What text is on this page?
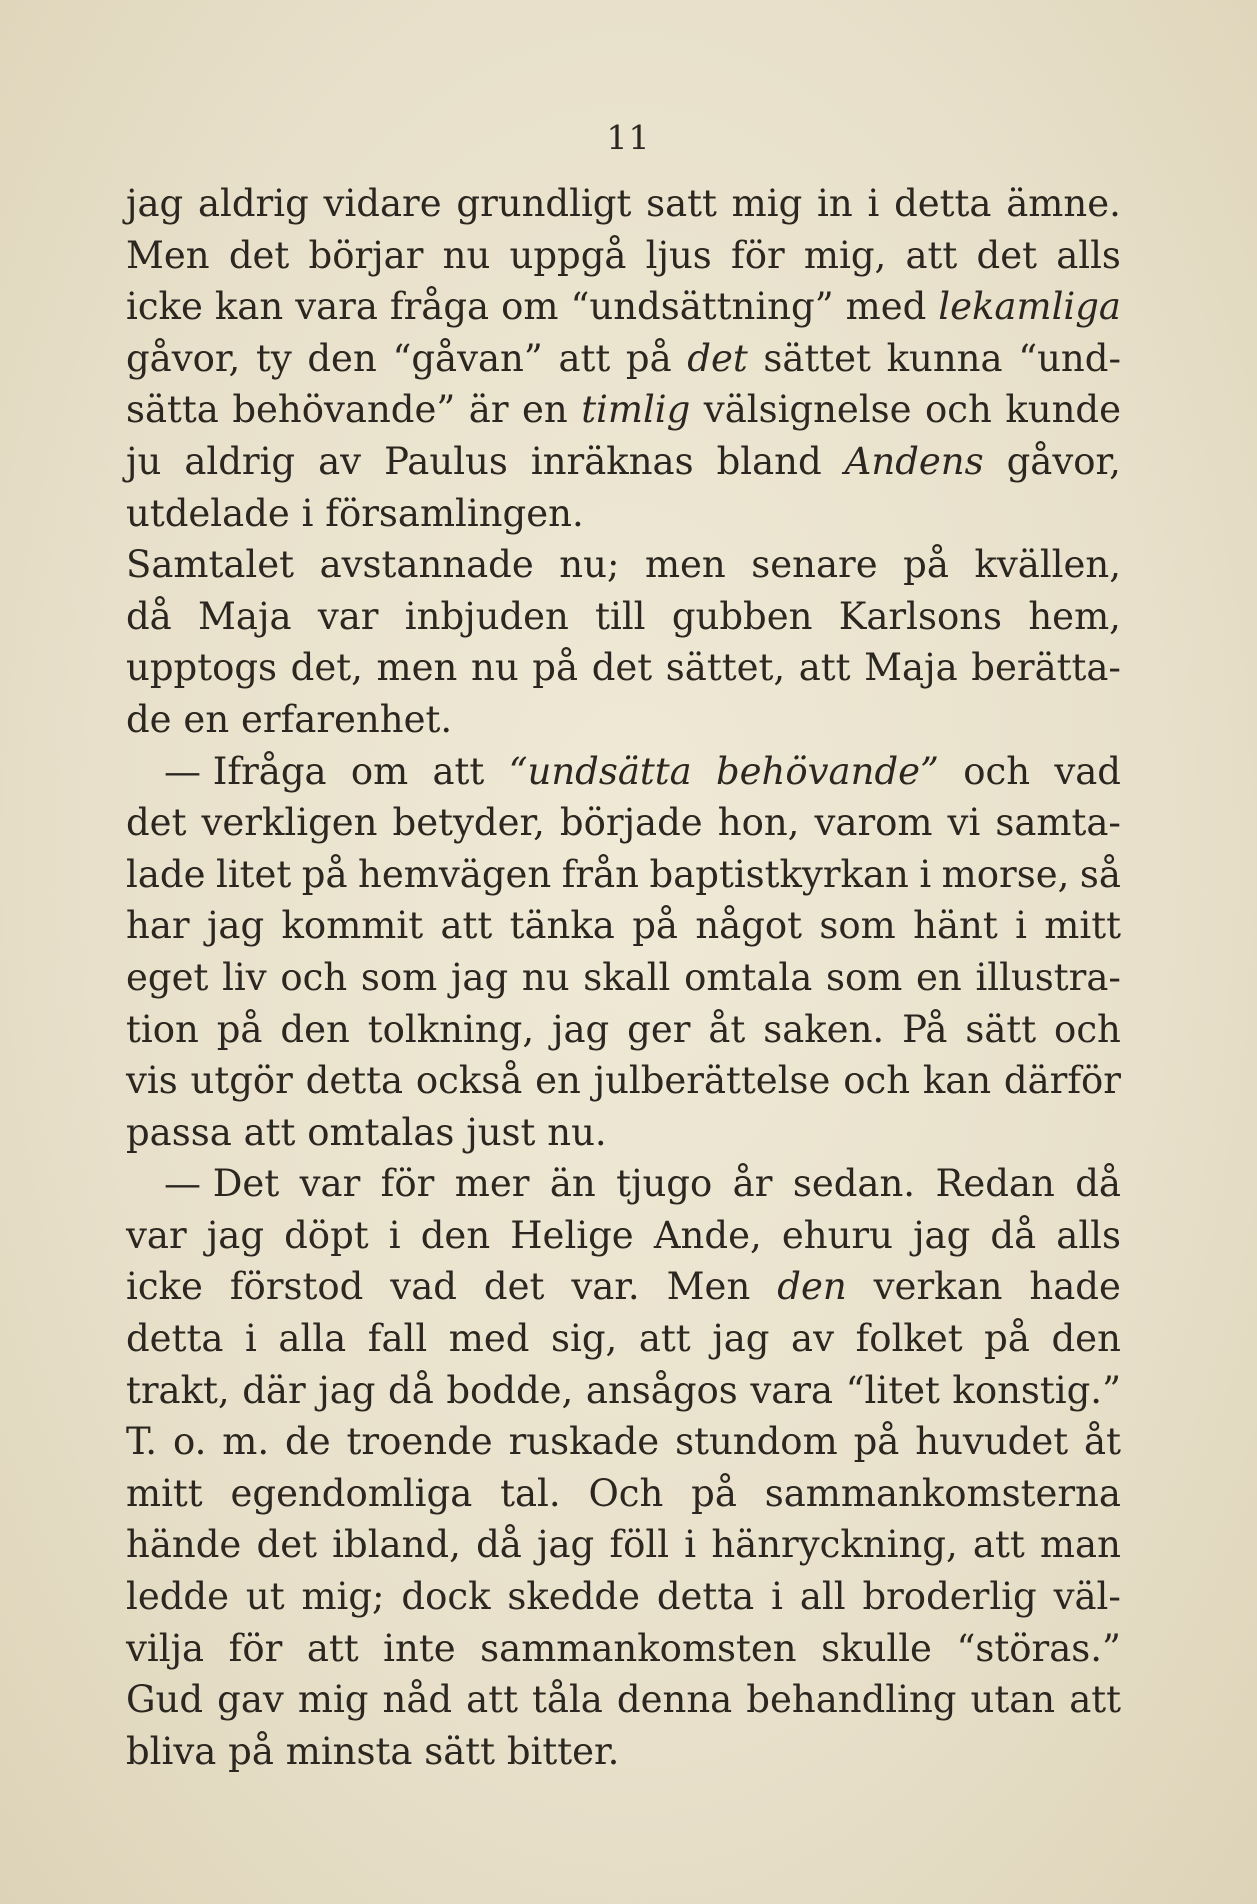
11
jag aldrig vidare grundligt satt mig in i detta ämne.
Men det börjar nu uppgå ljus för mig, att det alls
icke kan vara fråga om “undsättning” med lekamliga
gåvor, ty den “gåvan” att på det sättet kunna “und-
sätta behövande” är en timlig välsignelse och kunde
ju aldrig av Paulus inräknas bland Andens gåvor,
utdelade i församlingen.
Samtalet avstannade nu; men senare på kvällen,
då Maja var inbjuden till gubben Karlsons hem,
upptogs det, men nu på det sättet, att Maja berätta-
de en erfarenhet.
— Ifråga om att “undsätta behövande” och vad
det verkligen betyder, började hon, varom vi samta-
lade litet på hemvägen från baptistkyrkan i morse, så
har jag kommit att tänka på något som hänt i mitt
eget liv och som jag nu skall omtala som en illustra-
tion på den tolkning, jag ger åt saken. På sätt och
vis utgör detta också en julberättelse och kan därför
passa att omtalas just nu.
— Det var för mer än tjugo år sedan. Redan då
var jag döpt i den Helige Ande, ehuru jag då alls
icke förstod vad det var. Men den verkan hade
detta i alla fall med sig, att jag av folket på den
trakt, där jag då bodde, ansågos vara “litet konstig.”
T. o. m. de troende ruskade stundom på huvudet åt
mitt egendomliga tal. Och på sammankomsterna
hände det ibland, då jag föll i hänryckning, att man
ledde ut mig; dock skedde detta i all broderlig väl-
vilja för att inte sammankomsten skulle “störas.”
Gud gav mig nåd att tåla denna behandling utan att
bliva på minsta sätt bitter.
